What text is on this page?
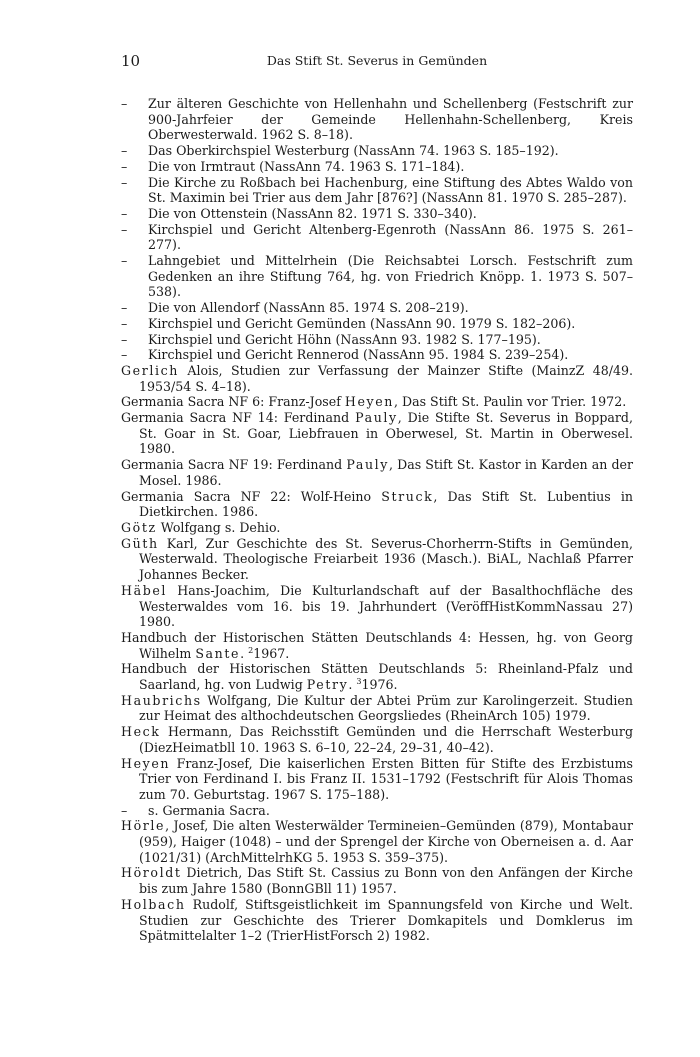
10	Das Stift St. Severus in Gemünden

– Zur älteren Geschichte von Hellenhahn und Schellenberg (Festschrift zur 900-Jahrfeier der Gemeinde Hellenhahn-Schellenberg, Kreis Oberwesterwald. 1962 S. 8–18).

– Das Oberkirchspiel Westerburg (NassAnn 74. 1963 S. 185–192).

– Die von Irmtraut (NassAnn 74. 1963 S. 171–184).

– Die Kirche zu Roßbach bei Hachenburg, eine Stiftung des Abtes Waldo von St. Maximin bei Trier aus dem Jahr [876?] (NassAnn 81. 1970 S. 285–287).

– Die von Ottenstein (NassAnn 82. 1971 S. 330–340).

– Kirchspiel und Gericht Altenberg-Egenroth (NassAnn 86. 1975 S. 261–277).

– Lahngebiet und Mittelrhein (Die Reichsabtei Lorsch. Festschrift zum Gedenken an ihre Stiftung 764, hg. von Friedrich Knöpp. 1. 1973 S. 507–538).

– Die von Allendorf (NassAnn 85. 1974 S. 208–219).

– Kirchspiel und Gericht Gemünden (NassAnn 90. 1979 S. 182–206).

– Kirchspiel und Gericht Höhn (NassAnn 93. 1982 S. 177–195).

– Kirchspiel und Gericht Rennerod (NassAnn 95. 1984 S. 239–254).

Gerlich Alois, Studien zur Verfassung der Mainzer Stifte (MainzZ 48/49. 1953/54 S. 4–18).

Germania Sacra NF 6: Franz-Josef Heyen, Das Stift St. Paulin vor Trier. 1972.

Germania Sacra NF 14: Ferdinand Pauly, Die Stifte St. Severus in Boppard, St. Goar in St. Goar, Liebfrauen in Oberwesel, St. Martin in Oberwesel. 1980.

Germania Sacra NF 19: Ferdinand Pauly, Das Stift St. Kastor in Karden an der Mosel. 1986.

Germania Sacra NF 22: Wolf-Heino Struck, Das Stift St. Lubentius in Dietkirchen. 1986.

Götz Wolfgang s. Dehio.

Güth Karl, Zur Geschichte des St. Severus-Chorherrn-Stifts in Gemünden, Westerwald. Theologische Freiarbeit 1936 (Masch.). BiAL, Nachlaß Pfarrer Johannes Becker.

Häbel Hans-Joachim, Die Kulturlandschaft auf der Basalthochfläche des Westerwaldes vom 16. bis 19. Jahrhundert (VeröffHistKommNassau 27) 1980.

Handbuch der Historischen Stätten Deutschlands 4: Hessen, hg. von Georg Wilhelm Sante. $^2$1967.

Handbuch der Historischen Stätten Deutschlands 5: Rheinland-Pfalz und Saarland, hg. von Ludwig Petry. $^3$1976.

Haubrichs Wolfgang, Die Kultur der Abtei Prüm zur Karolingerzeit. Studien zur Heimat des althochdeutschen Georgsliedes (RheinArch 105) 1979.

Heck Hermann, Das Reichsstift Gemünden und die Herrschaft Westerburg (DiezHeimatbll 10. 1963 S. 6–10, 22–24, 29–31, 40–42).

Heyen Franz-Josef, Die kaiserlichen Ersten Bitten für Stifte des Erzbistums Trier von Ferdinand I. bis Franz II. 1531–1792 (Festschrift für Alois Thomas zum 70. Geburtstag. 1967 S. 175–188).

– s. Germania Sacra.

Hörle, Josef, Die alten Westerwälder Termineien–Gemünden (879), Montabaur (959), Haiger (1048) – und der Sprengel der Kirche von Oberneisen a. d. Aar (1021/31) (ArchMittelrhKG 5. 1953 S. 359–375).

Höroldt Dietrich, Das Stift St. Cassius zu Bonn von den Anfängen der Kirche bis zum Jahre 1580 (BonnGBll 11) 1957.

Holbach Rudolf, Stiftsgeistlichkeit im Spannungsfeld von Kirche und Welt. Studien zur Geschichte des Trierer Domkapitels und Domklerus im Spätmittelalter 1–2 (TrierHistForsch 2) 1982.
